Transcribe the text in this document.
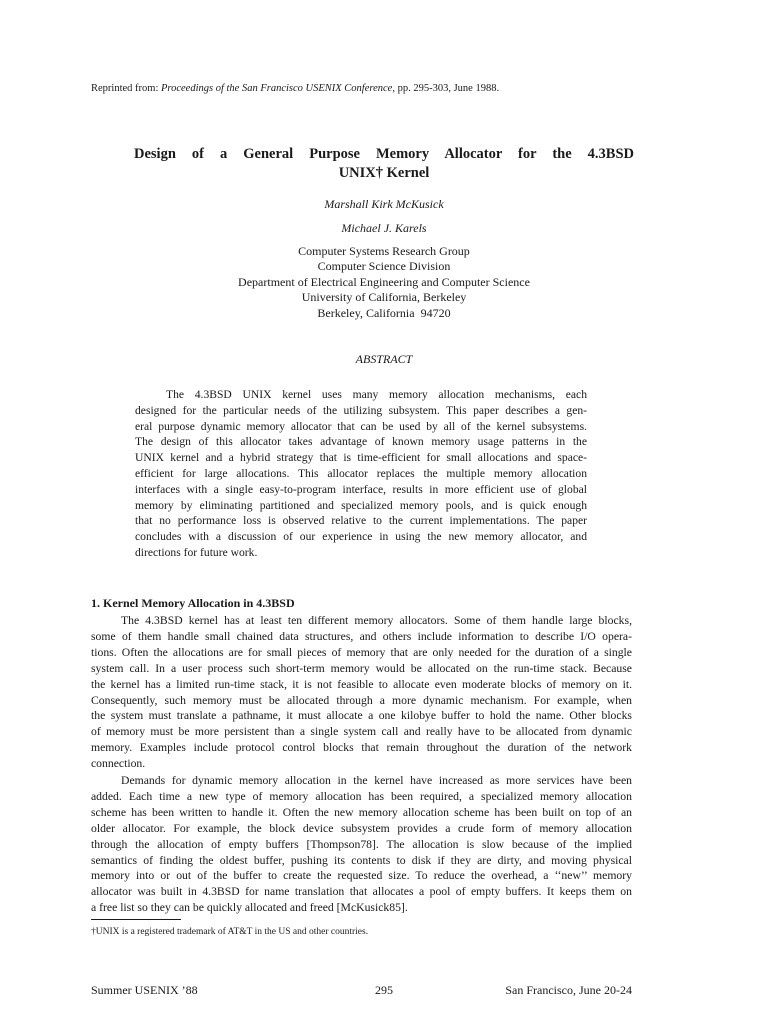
Reprinted from: Proceedings of the San Francisco USENIX Conference, pp. 295-303, June 1988.
Design of a General Purpose Memory Allocator for the 4.3BSD
UNIX† Kernel
Marshall Kirk McKusick
Michael J. Karels
Computer Systems Research Group
Computer Science Division
Department of Electrical Engineering and Computer Science
University of California, Berkeley
Berkeley, California  94720
ABSTRACT
The 4.3BSD UNIX kernel uses many memory allocation mechanisms, each
designed for the particular needs of the utilizing subsystem. This paper describes a gen-
eral purpose dynamic memory allocator that can be used by all of the kernel subsystems.
The design of this allocator takes advantage of known memory usage patterns in the
UNIX kernel and a hybrid strategy that is time-efficient for small allocations and space-
efficient for large allocations. This allocator replaces the multiple memory allocation
interfaces with a single easy-to-program interface, results in more efficient use of global
memory by eliminating partitioned and specialized memory pools, and is quick enough
that no performance loss is observed relative to the current implementations. The paper
concludes with a discussion of our experience in using the new memory allocator, and
directions for future work.
1. Kernel Memory Allocation in 4.3BSD
The 4.3BSD kernel has at least ten different memory allocators. Some of them handle large blocks,
some of them handle small chained data structures, and others include information to describe I/O opera-
tions. Often the allocations are for small pieces of memory that are only needed for the duration of a single
system call. In a user process such short-term memory would be allocated on the run-time stack. Because
the kernel has a limited run-time stack, it is not feasible to allocate even moderate blocks of memory on it.
Consequently, such memory must be allocated through a more dynamic mechanism. For example, when
the system must translate a pathname, it must allocate a one kilobye buffer to hold the name. Other blocks
of memory must be more persistent than a single system call and really have to be allocated from dynamic
memory. Examples include protocol control blocks that remain throughout the duration of the network
connection.
Demands for dynamic memory allocation in the kernel have increased as more services have been
added. Each time a new type of memory allocation has been required, a specialized memory allocation
scheme has been written to handle it. Often the new memory allocation scheme has been built on top of an
older allocator. For example, the block device subsystem provides a crude form of memory allocation
through the allocation of empty buffers [Thompson78]. The allocation is slow because of the implied
semantics of finding the oldest buffer, pushing its contents to disk if they are dirty, and moving physical
memory into or out of the buffer to create the requested size. To reduce the overhead, a ‘‘new’’ memory
allocator was built in 4.3BSD for name translation that allocates a pool of empty buffers. It keeps them on
a free list so they can be quickly allocated and freed [McKusick85].
†UNIX is a registered trademark of AT&T in the US and other countries.
Summer USENIX ’88	295	San Francisco, June 20-24
